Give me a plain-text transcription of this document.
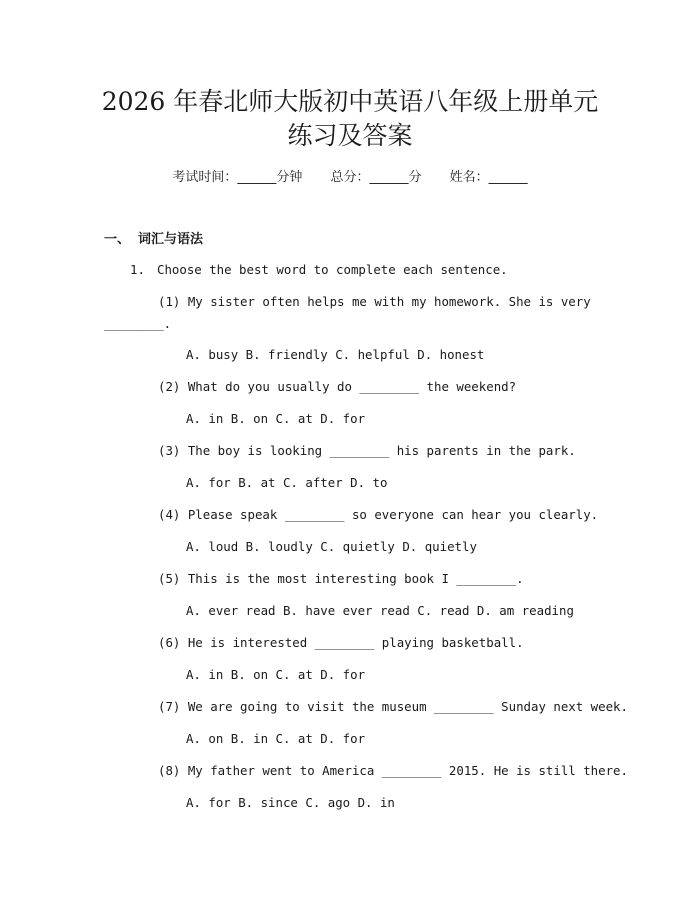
2026 年春北师大版初中英语八年级上册单元
练习及答案
考试时间：______分钟 总分：______分 姓名：______
一、 词汇与语法
1. Choose the best word to complete each sentence.
(1) My sister often helps me with my homework. She is very
________.
A. busy B. friendly C. helpful D. honest
(2) What do you usually do ________ the weekend?
A. in B. on C. at D. for
(3) The boy is looking ________ his parents in the park.
A. for B. at C. after D. to
(4) Please speak ________ so everyone can hear you clearly.
A. loud B. loudly C. quietly D. quietly
(5) This is the most interesting book I ________.
A. ever read B. have ever read C. read D. am reading
(6) He is interested ________ playing basketball.
A. in B. on C. at D. for
(7) We are going to visit the museum ________ Sunday next week.
A. on B. in C. at D. for
(8) My father went to America ________ 2015. He is still there.
A. for B. since C. ago D. in
